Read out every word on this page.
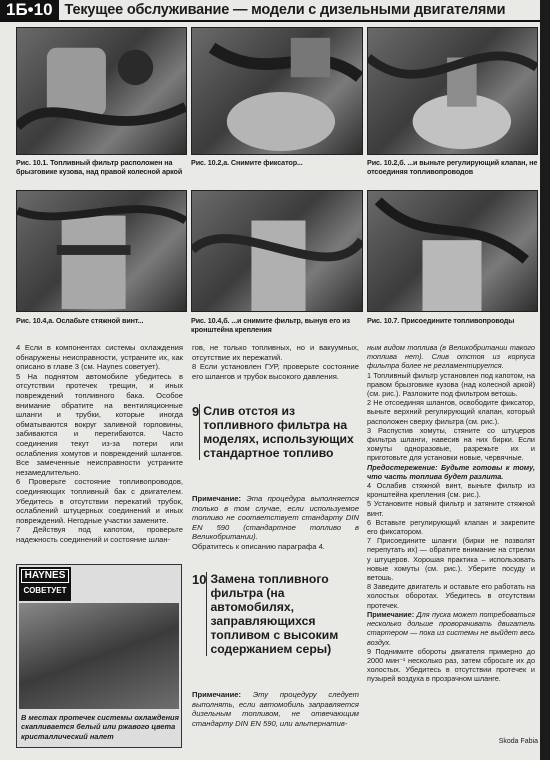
1Б•10 Текущее обслуживание — модели с дизельными двигателями
Рис. 10.1. Топливный фильтр расположен на брызговике кузова, над правой колесной аркой
Рис. 10.2,a. Снимите фиксатор...	Рис. 10.2,б. ...и выньте регулирующий клапан, не отсоединяя топливопроводов
Рис. 10.4,a. Ослабьте стяжной винт...	Рис. 10.4,б. ...и снимите фильтр, вынув его из кронштейна крепления
Рис. 10.7. Присоедините топливопроводы

4 Если в компонентах системы охлаждения обнаружены неисправности, устраните их, как описано в главе 3 (см. Haynes советует).

5 На поднятом автомобиле убедитесь в отсутствии протечек трещин, и иных повреждений топливного бака. Особое внимание обратите на вентиляционные шланги и трубки, которые иногда обматываются вокруг заливной горловины, забиваются и перегибаются. Часто соединения текут из-за потери или ослабления хомутов и повреждений шлангов. Все замеченные неисправности устраните незамедлительно.

6 Проверьте состояние топливопроводов, соединяющих топливный бак с двигателем. Убедитесь в отсутствии перекатий трубок, ослаблений штуцерных соединений и иных повреждений. Негодные участки замените.

7 Действуя под капотом, проверьте надежность соединений и состояние шлан-

HAYNES
СОВЕТУЕТ
В местах протечек системы охлаждения скапливается белый или ржавого цвета кристаллический налет

гов, не только топливных, но и вакуумных, отсутствие их пережатий.

8 Если установлен ГУР, проверьте состояние его шлангов и трубок высокого давления.

9 Слив отстоя из топливного фильтра на моделях, использующих стандартное топливо

Примечание: Эта процедура выполняется только в том случае, если используемое топливо не соответствует стандарту DIN EN 590 (стандартное топливо в Великобритании).

Обратитесь к описанию параграфа 4.

10 Замена топливного фильтра (на автомобилях, заправляющихся топливом с высоким содержанием серы)

Примечание: Эту процедуру следует выполнять, если автомобиль заправляется дизельным топливом, не отвечающим стандарту DIN EN 590, или альтернатив-

ным видом топлива (в Великобритании такого топлива нет). Слив отстоя из корпуса фильтра более не регламентируется.

1 Топливный фильтр установлен под капотом, на правом брызговике кузова (над колесной аркой) (см. рис.). Разложите под фильтром ветошь.

2 Не отсоединяя шлангов, освободите фиксатор, выньте верхний регулирующий клапан, который расположен сверху фильтра (см. рис.).

3 Распустив хомуты, стяните со штуцеров фильтра шланги, навесив на них бирки. Если хомуты одноразовые, разрежьте их и приготовьте для установки новые, червячные.

Предостережение: Будьте готовы к тому, что часть топлива будет разлита.

4 Ослабив стяжной винт, выньте фильтр из кронштейна крепления (см. рис.).

5 Установите новый фильтр и затяните стяжной винт.

6 Вставьте регулирующий клапан и закрепите его фиксатором.

7 Присоедините шланги (бирки не позволят перепутать их) — обратите внимание на стрелки у штуцеров. Хорошая практика – использовать новые хомуты (см. рис.). Уберите посуду и ветошь.

8 Заведите двигатель и оставьте его работать на холостых оборотах. Убедитесь в отсутствии протечек.

Примечание: Для пуска может потребоваться несколько дольше проворачивать двигатель стартером — пока из системы не выйдет весь воздух.

9 Поднимите обороты двигателя примерно до 2000 мин⁻¹ несколько раз, затем сбросьте их до холостых. Убедитесь в отсутствии протечек и пузырей воздуха в прозрачном шланге.

Skoda Fabia
